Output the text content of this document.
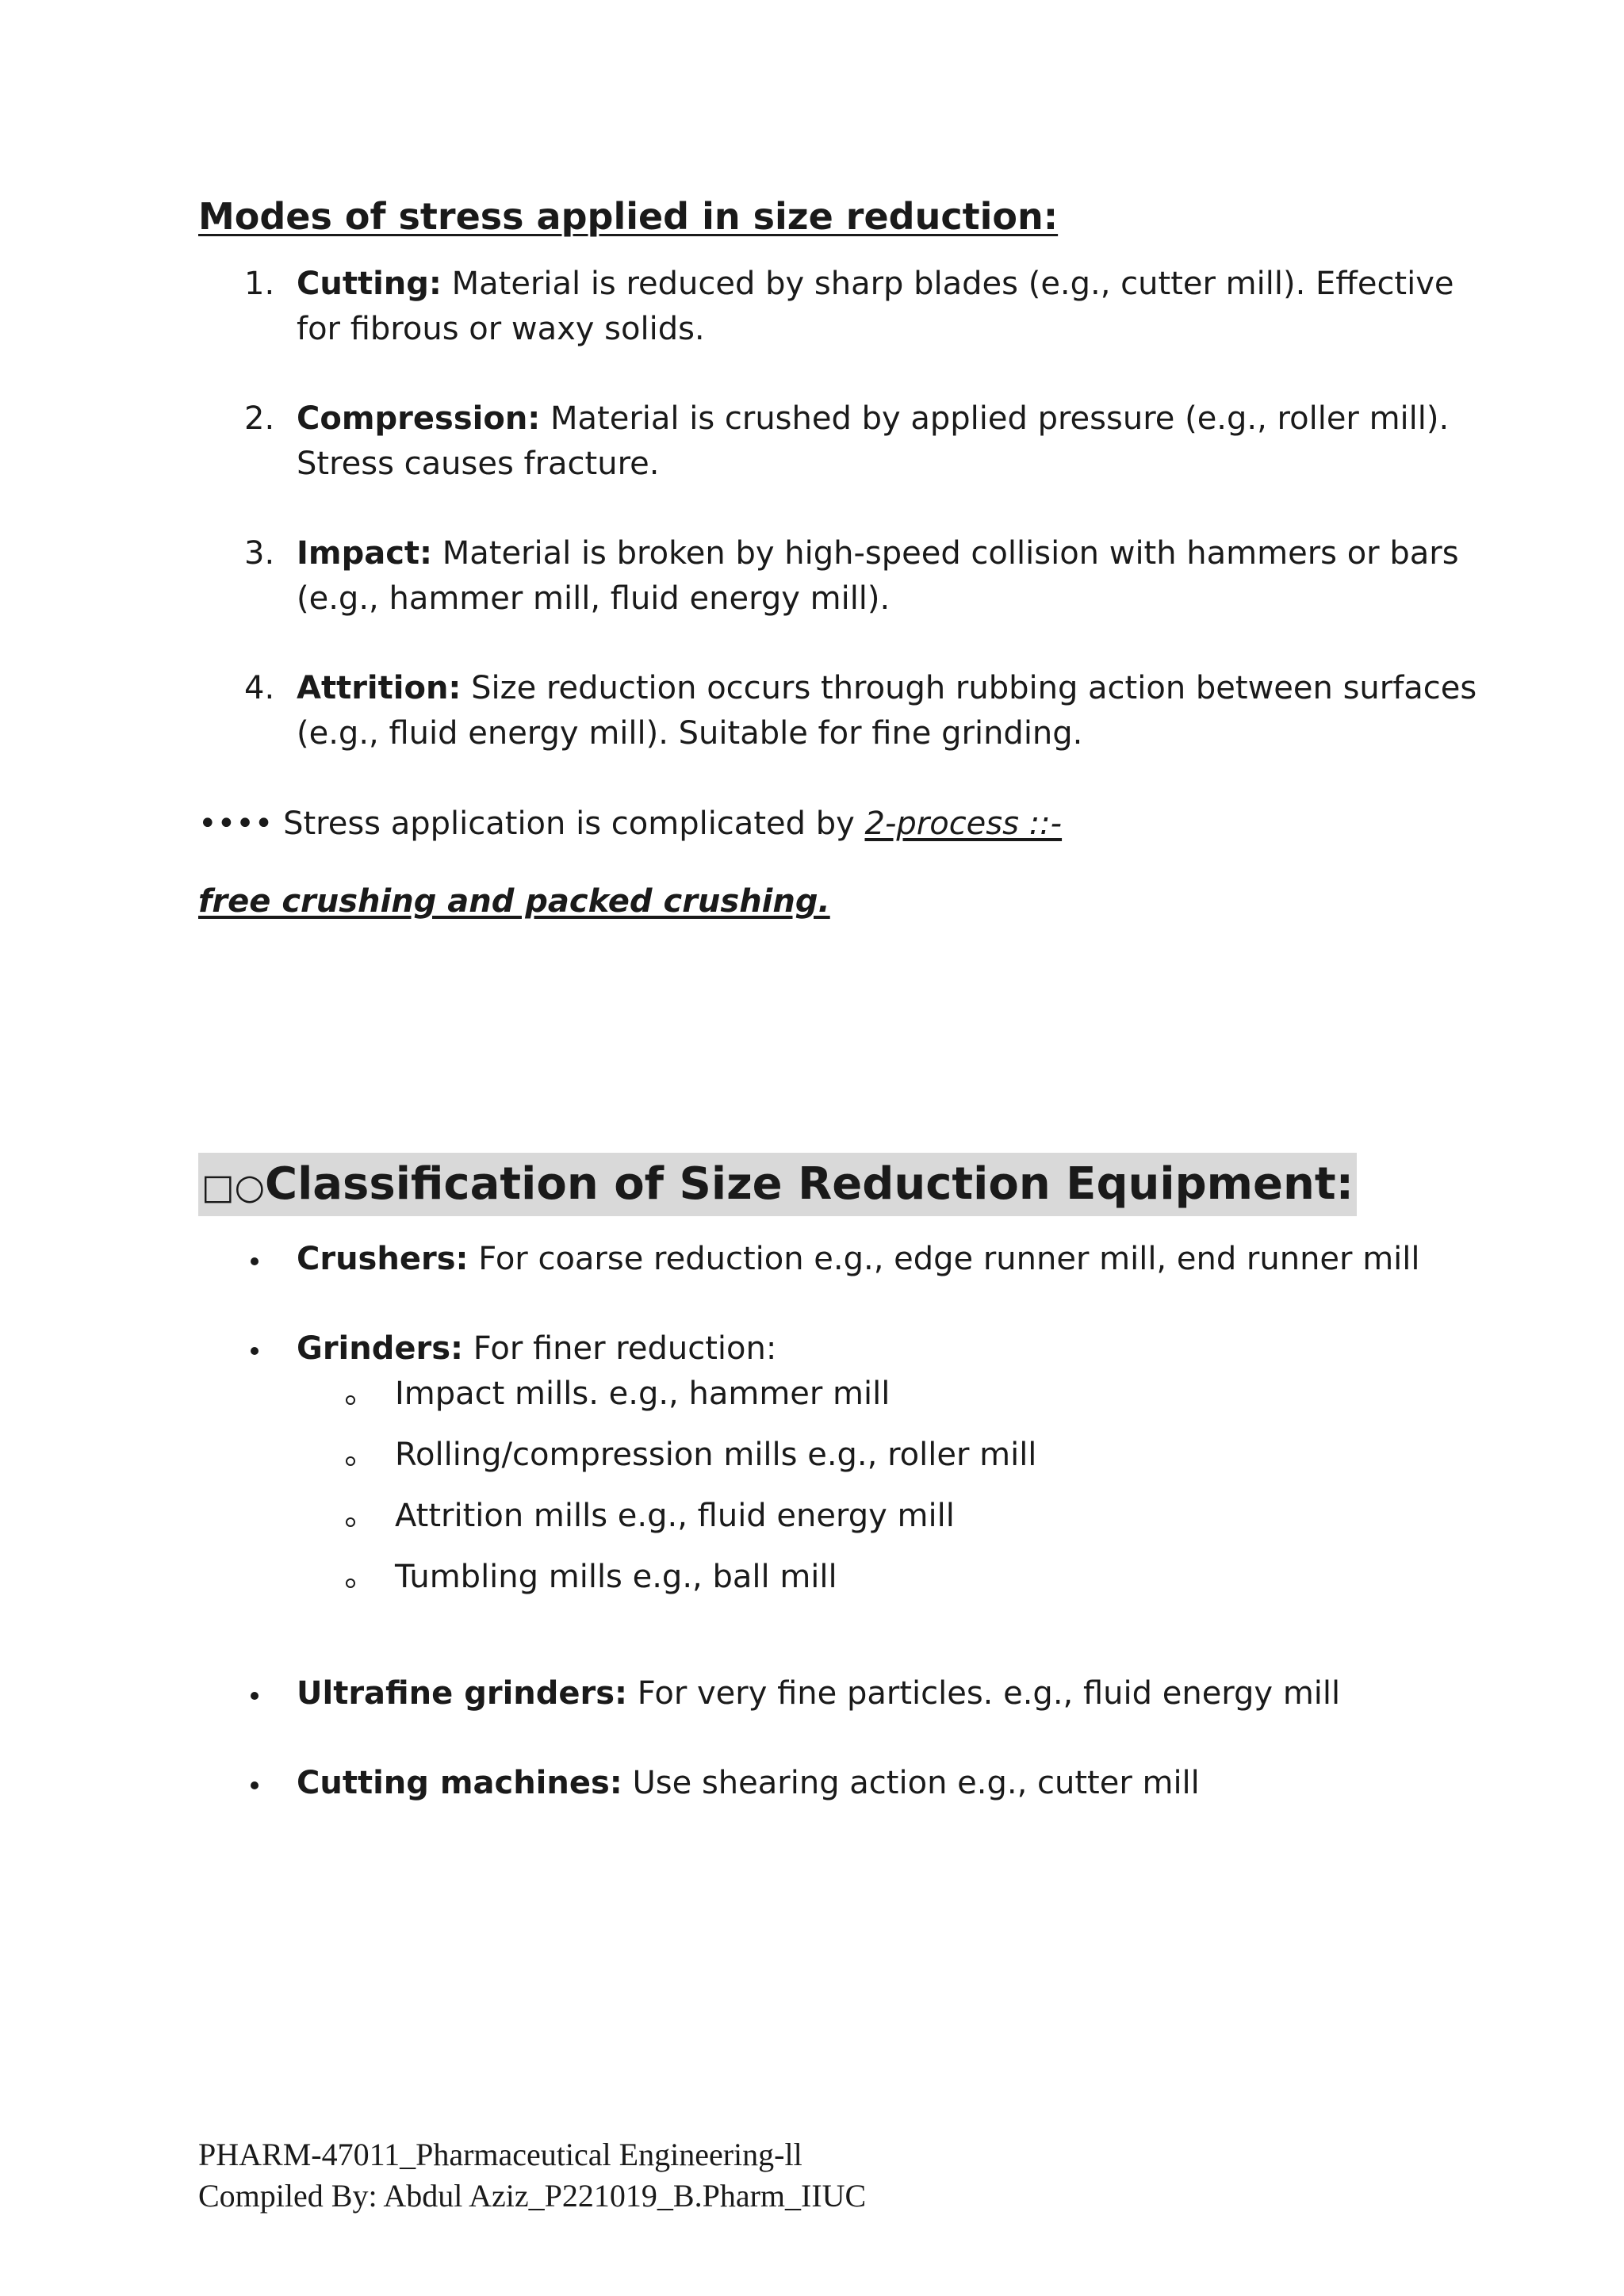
Modes of stress applied in size reduction:
1. Cutting: Material is reduced by sharp blades (e.g., cutter mill). Effective for fibrous or waxy solids.
2. Compression: Material is crushed by applied pressure (e.g., roller mill). Stress causes fracture.
3. Impact: Material is broken by high-speed collision with hammers or bars (e.g., hammer mill, fluid energy mill).
4. Attrition: Size reduction occurs through rubbing action between surfaces (e.g., fluid energy mill). Suitable for fine grinding.
•••• Stress application is complicated by 2-process ::-
free crushing and packed crushing.
□○Classification of Size Reduction Equipment:
Crushers: For coarse reduction e.g., edge runner mill, end runner mill
Grinders: For finer reduction:
Impact mills. e.g., hammer mill
Rolling/compression mills e.g., roller mill
Attrition mills e.g., fluid energy mill
Tumbling mills e.g., ball mill
Ultrafine grinders: For very fine particles. e.g., fluid energy mill
Cutting machines: Use shearing action e.g., cutter mill
PHARM-47011_Pharmaceutical Engineering-ll
Compiled By: Abdul Aziz_P221019_B.Pharm_IIUC
